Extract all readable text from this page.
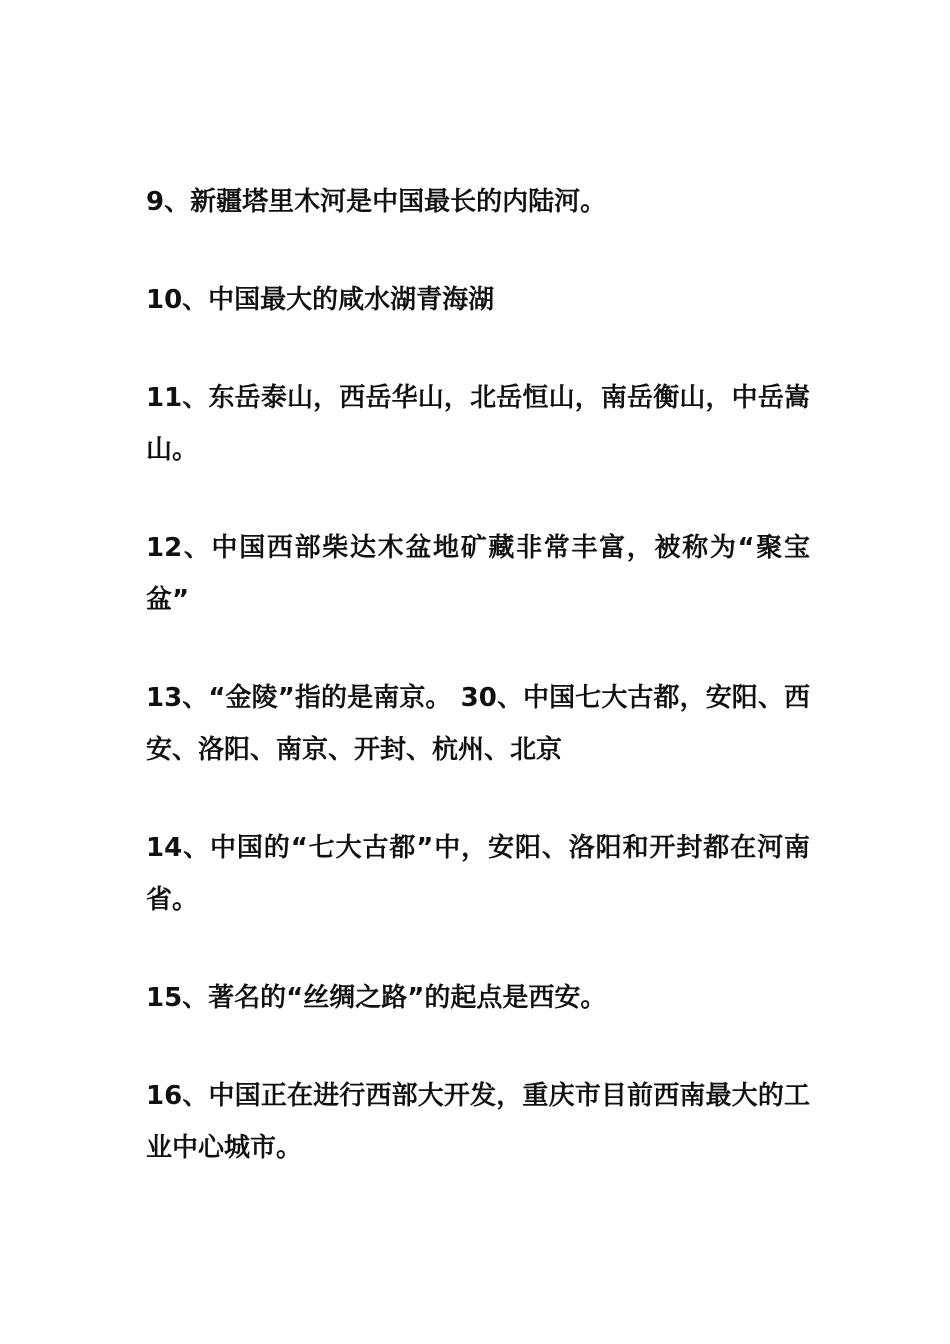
9、新疆塔里木河是中国最长的内陆河。

10、中国最大的咸水湖青海湖

11、东岳泰山，西岳华山，北岳恒山，南岳衡山，中岳嵩山。

12、中国西部柴达木盆地矿藏非常丰富，被称为“聚宝盆”

13、“金陵”指的是南京。 30、中国七大古都，安阳、西安、洛阳、南京、开封、杭州、北京

14、中国的“七大古都”中，安阳、洛阳和开封都在河南省。

15、著名的“丝绸之路”的起点是西安。

16、中国正在进行西部大开发，重庆市目前西南最大的工业中心城市。
